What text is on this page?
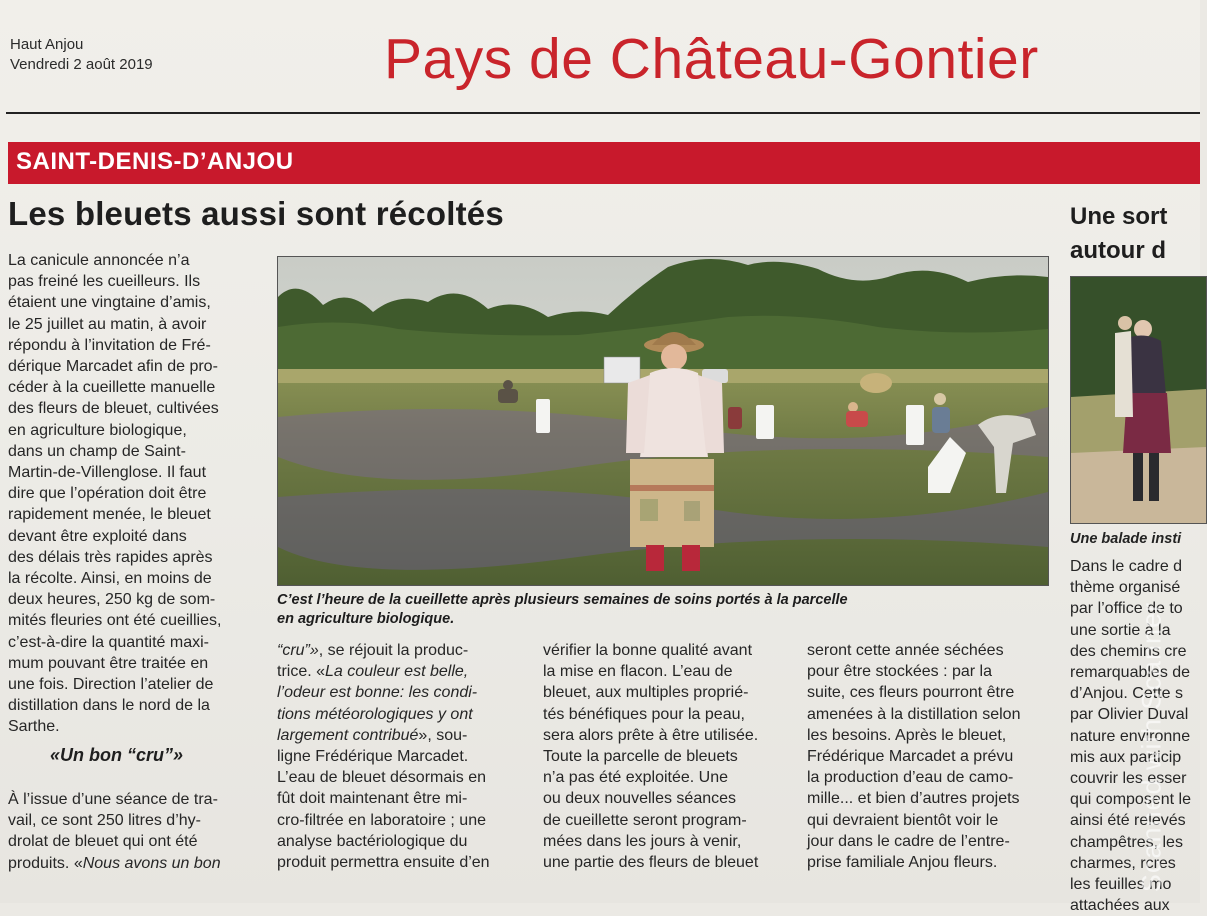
Haut Anjou
Vendredi 2 août 2019	Pays de Château-Gontier
SAINT-DENIS-D’ANJOU
Les bleuets aussi sont récoltés	Une sort
autour d
La canicule annoncée n’a
pas freiné les cueilleurs. Ils
étaient une vingtaine d’amis,
le 25 juillet au matin, à avoir
répondu à l’invitation de Fré-
dérique Marcadet afin de pro-
céder à la cueillette manuelle
des fleurs de bleuet, cultivées
en agriculture biologique,
dans un champ de Saint-
Martin-de-Villenglose. Il faut
dire que l’opération doit être
rapidement menée, le bleuet
devant être exploité dans
des délais très rapides après
la récolte. Ainsi, en moins de
deux heures, 250 kg de som-
mités fleuries ont été cueillies,
c’est-à-dire la quantité maxi-
mum pouvant être traitée en
une fois. Direction l’atelier de
distillation dans le nord de la
Sarthe.
«Un bon “cru”»
À l’issue d’une séance de tra-
vail, ce sont 250 litres d’hy-
drolat de bleuet qui ont été
produits. «Nous avons un bon
“cru”», se réjouit la produc-
trice. «La couleur est belle,
l’odeur est bonne: les condi-
tions météorologiques y ont
largement contribué», sou-
ligne Frédérique Marcadet.
L’eau de bleuet désormais en
fût doit maintenant être mi-
cro-filtrée en laboratoire ; une
analyse bactériologique du
produit permettra ensuite d’en
vérifier la bonne qualité avant
la mise en flacon. L’eau de
bleuet, aux multiples proprié-
tés bénéfiques pour la peau,
sera alors prête à être utilisée.
Toute la parcelle de bleuets
n’a pas été exploitée. Une
ou deux nouvelles séances
de cueillette seront program-
mées dans les jours à venir,
une partie des fleurs de bleuet
seront cette année séchées
pour être stockées : par la
suite, ces fleurs pourront être
amenées à la distillation selon
les besoins. Après le bleuet,
Frédérique Marcadet a prévu
la production d’eau de camo-
mille... et bien d’autres projets
qui devraient bientôt voir le
jour dans le cadre de l’entre-
prise familiale Anjou fleurs.
Dans le cadre d
thème organisé
par l’office de to
une sortie à la
des chemins cre
remarquables de
d’Anjou. Cette s
par Olivier Duval
nature environne
mis aux particip
couvrir les esser
qui composent le
ainsi été relevés
champêtres, les
charmes, rcres
les feuilles mo
attachées aux
C’est l’heure de la cueillette après plusieurs semaines de soins portés à la parcelle
en agriculture biologique.
Une balade insti
Scanned with Scanner
